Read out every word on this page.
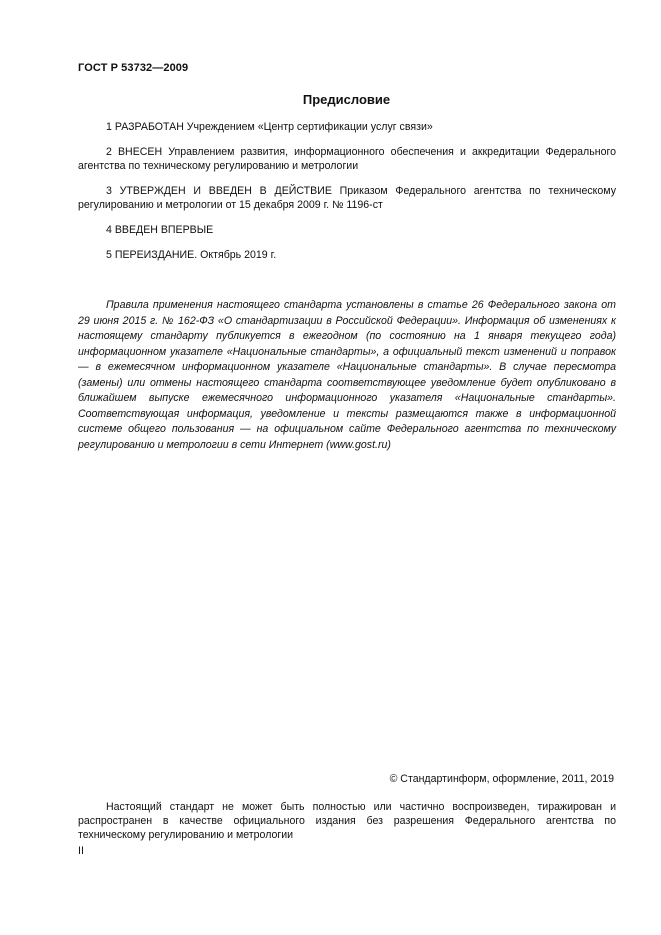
ГОСТ Р 53732—2009
Предисловие

1 РАЗРАБОТАН Учреждением «Центр сертификации услуг связи»

2 ВНЕСЕН Управлением развития, информационного обеспечения и аккредитации Федерального агентства по техническому регулированию и метрологии

3 УТВЕРЖДЕН И ВВЕДЕН В ДЕЙСТВИЕ Приказом Федерального агентства по техническому регулированию и метрологии от 15 декабря 2009 г. № 1196-ст

4 ВВЕДЕН ВПЕРВЫЕ

5 ПЕРЕИЗДАНИЕ. Октябрь 2019 г.

Правила применения настоящего стандарта установлены в статье 26 Федерального закона от 29 июня 2015 г. № 162-ФЗ «О стандартизации в Российской Федерации». Информация об изменениях к настоящему стандарту публикуется в ежегодном (по состоянию на 1 января текущего года) информационном указателе «Национальные стандарты», а официальный текст изменений и поправок — в ежемесячном информационном указателе «Национальные стандарты». В случае пересмотра (замены) или отмены настоящего стандарта соответствующее уведомление будет опубликовано в ближайшем выпуске ежемесячного информационного указателя «Национальные стандарты». Соответствующая информация, уведомление и тексты размещаются также в информационной системе общего пользования — на официальном сайте Федерального агентства по техническому регулированию и метрологии в сети Интернет (www.gost.ru)
© Стандартинформ, оформление, 2011, 2019
Настоящий стандарт не может быть полностью или частично воспроизведен, тиражирован и распространен в качестве официального издания без разрешения Федерального агентства по техническому регулированию и метрологии
II
